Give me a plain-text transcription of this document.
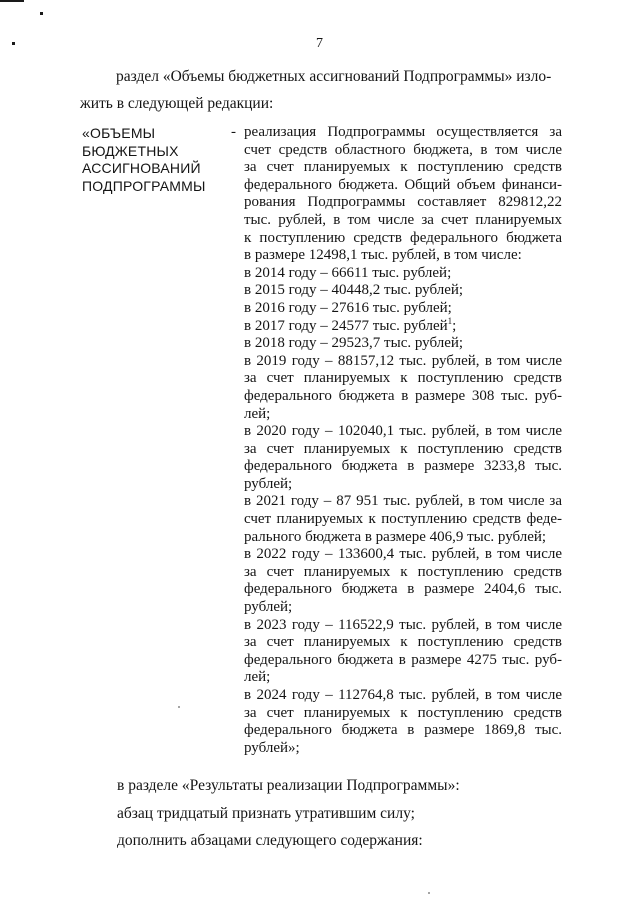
7
раздел «Объемы бюджетных ассигнований Подпрограммы» изло-
жить в следующей редакции:
«ОБЪЕМЫ
БЮДЖЕТНЫХ
АССИГНОВАНИЙ
ПОДПРОГРАММЫ
- реализация Подпрограммы осуществляется за
счет средств областного бюджета, в том числе
за счет планируемых к поступлению средств
федерального бюджета. Общий объем финанси-
рования Подпрограммы составляет 829812,22
тыс. рублей, в том числе за счет планируемых
к поступлению средств федерального бюджета
в размере 12498,1 тыс. рублей, в том числе:
в 2014 году – 66611 тыс. рублей;
в 2015 году – 40448,2 тыс. рублей;
в 2016 году – 27616 тыс. рублей;
в 2017 году – 24577 тыс. рублей$^1$;
в 2018 году – 29523,7 тыс. рублей;
в 2019 году – 88157,12 тыс. рублей, в том числе
за счет планируемых к поступлению средств
федерального бюджета в размере 308 тыс. руб-
лей;
в 2020 году – 102040,1 тыс. рублей, в том числе
за счет планируемых к поступлению средств
федерального бюджета в размере 3233,8 тыс.
рублей;
в 2021 году – 87 951 тыс. рублей, в том числе за
счет планируемых к поступлению средств феде-
рального бюджета в размере 406,9 тыс. рублей;
в 2022 году – 133600,4 тыс. рублей, в том числе
за счет планируемых к поступлению средств
федерального бюджета в размере 2404,6 тыс.
рублей;
в 2023 году – 116522,9 тыс. рублей, в том числе
за счет планируемых к поступлению средств
федерального бюджета в размере 4275 тыс. руб-
лей;
в 2024 году – 112764,8 тыс. рублей, в том числе
за счет планируемых к поступлению средств
федерального бюджета в размере 1869,8 тыс.
рублей»;
в разделе «Результаты реализации Подпрограммы»:
абзац тридцатый признать утратившим силу;
дополнить абзацами следующего содержания:
